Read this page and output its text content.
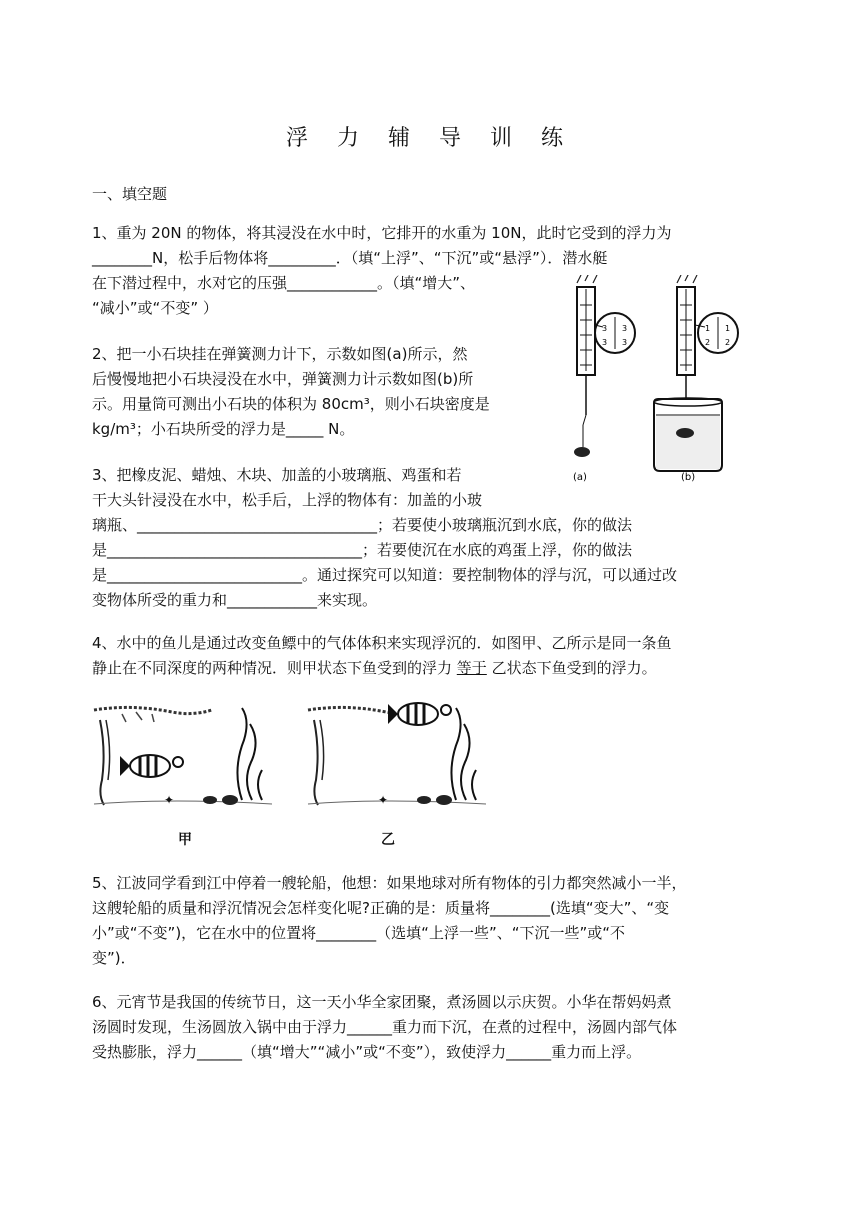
浮 力 辅 导 训 练
一、填空题
1、重为 20N 的物体，将其浸没在水中时，它排开的水重为 10N，此时它受到的浮力为
________N，松手后物体将_________．（填“上浮”、“下沉”或“悬浮”）．潜水艇
在下潜过程中，水对它的压强____________。（填“增大”、
“减小”或“不变” ）
2、把一小石块挂在弹簧测力计下，示数如图(a)所示，然
后慢慢地把小石块浸没在水中，弹簧测力计示数如图(b)所
示。用量筒可测出小石块的体积为 80cm³，则小石块密度是
kg/m³；小石块所受的浮力是_____ N。
3
3
3
3
1
2
1
2
(a)	(b)
3、把橡皮泥、蜡烛、木块、加盖的小玻璃瓶、鸡蛋和若
干大头针浸没在水中，松手后，上浮的物体有：加盖的小玻
璃瓶、________________________________；若要使小玻璃瓶沉到水底，你的做法
是__________________________________；若要使沉在水底的鸡蛋上浮，你的做法
是__________________________。通过探究可以知道：要控制物体的浮与沉，可以通过改
变物体所受的重力和____________来实现。
4、水中的鱼儿是通过改变鱼鳔中的气体体积来实现浮沉的．如图甲、乙所示是同一条鱼
静止在不同深度的两种情况．则甲状态下鱼受到的浮力 等于 乙状态下鱼受到的浮力。
✦	✦
甲	乙
5、江波同学看到江中停着一艘轮船，他想：如果地球对所有物体的引力都突然减小一半，
这艘轮船的质量和浮沉情况会怎样变化呢?正确的是：质量将________(选填“变大”、“变
小”或“不变”)，它在水中的位置将________（选填“上浮一些”、“下沉一些”或“不
变”)．
6、元宵节是我国的传统节日，这一天小华全家团聚，煮汤圆以示庆贺。小华在帮妈妈煮
汤圆时发现，生汤圆放入锅中由于浮力______重力而下沉，在煮的过程中，汤圆内部气体
受热膨胀，浮力______（填“增大”“减小”或“不变”），致使浮力______重力而上浮。
